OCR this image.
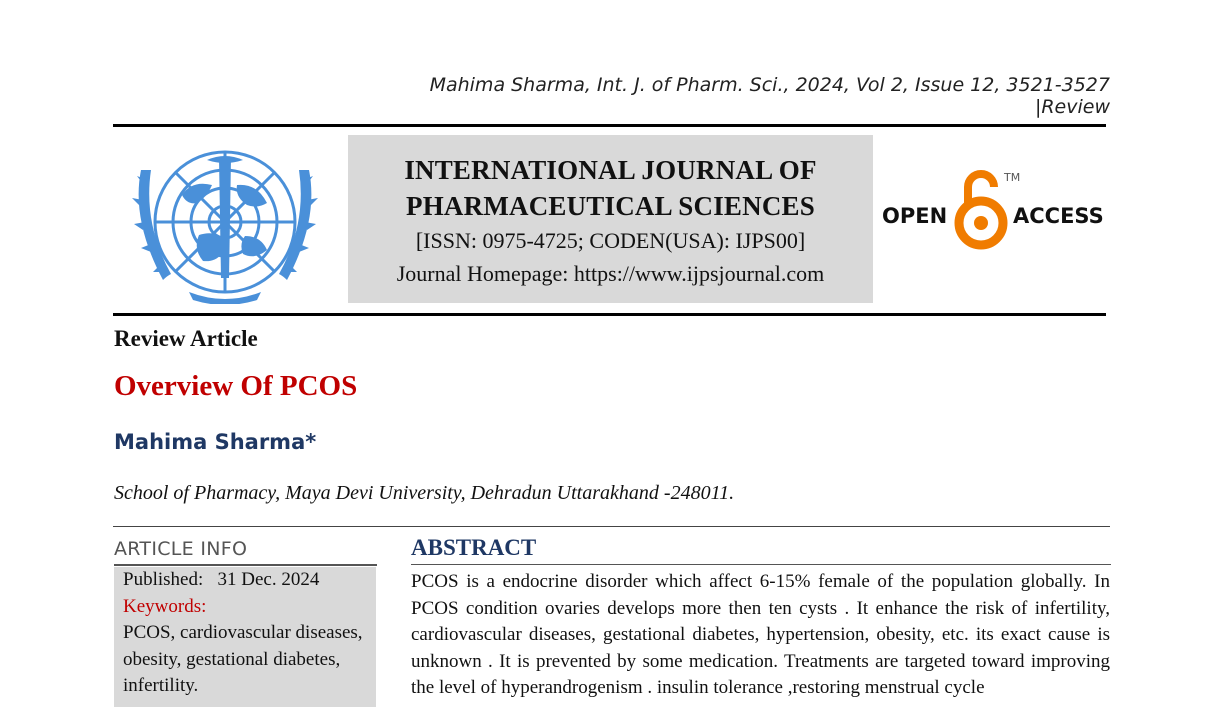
Mahima Sharma, Int. J. of Pharm. Sci., 2024, Vol 2, Issue 12, 3521-3527 |Review
INTERNATIONAL JOURNAL OF
PHARMACEUTICAL SCIENCES
[ISSN: 0975-4725; CODEN(USA): IJPS00]
Journal Homepage: https://www.ijpsjournal.com
OPEN	ACCESS
TM
Review Article
Overview Of PCOS
Mahima Sharma*
School of Pharmacy, Maya Devi University, Dehradun Uttarakhand -248011.
ARTICLE INFO
Published: 31 Dec. 2024
Keywords:
PCOS, cardiovascular diseases, obesity, gestational diabetes, infertility.
ABSTRACT
PCOS is a endocrine disorder which affect 6-15% female of the population globally. In PCOS condition ovaries develops more then ten cysts . It enhance the risk of infertility, cardiovascular diseases, gestational diabetes, hypertension, obesity, etc. its exact cause is unknown . It is prevented by some medication. Treatments are targeted toward improving the level of hyperandrogenism . insulin tolerance ,restoring menstrual cycle
